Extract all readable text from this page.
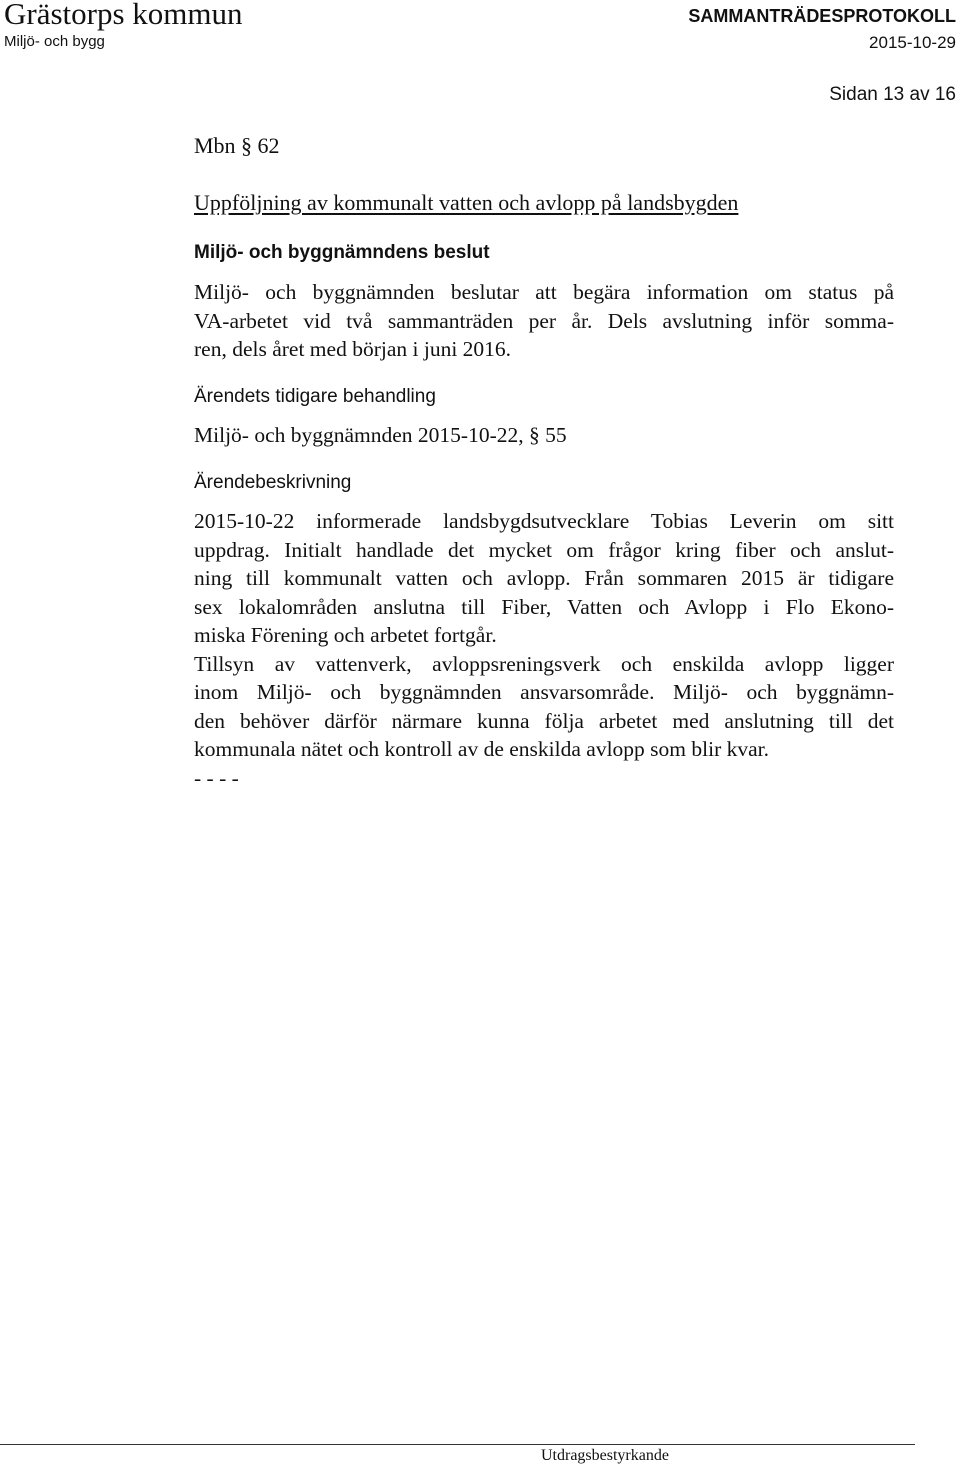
Grästorps kommun
Miljö- och bygg
SAMMANTRÄDESPROTOKOLL
2015-10-29
Sidan 13 av 16
Mbn § 62
Uppföljning av kommunalt vatten och avlopp på landsbygden
Miljö- och byggnämndens beslut
Miljö- och byggnämnden beslutar att begära information om status på
VA-arbetet vid två sammanträden per år. Dels avslutning inför somma-
ren, dels året med början i juni 2016.
Ärendets tidigare behandling
Miljö- och byggnämnden 2015-10-22, § 55
Ärendebeskrivning
2015-10-22 informerade landsbygdsutvecklare Tobias Leverin om sitt
uppdrag. Initialt handlade det mycket om frågor kring fiber och anslut-
ning till kommunalt vatten och avlopp. Från sommaren 2015 är tidigare
sex lokalområden anslutna till Fiber, Vatten och Avlopp i Flo Ekono-
miska Förening och arbetet fortgår.
Tillsyn av vattenverk, avloppsreningsverk och enskilda avlopp ligger
inom Miljö- och byggnämnden ansvarsområde. Miljö- och byggnämn-
den behöver därför närmare kunna följa arbetet med anslutning till det
kommunala nätet och kontroll av de enskilda avlopp som blir kvar.
- - - -
Utdragsbestyrkande
